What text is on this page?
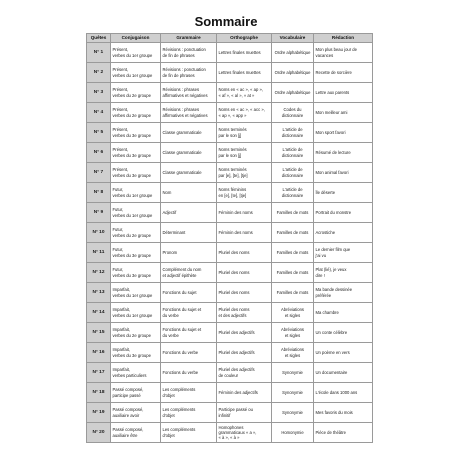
Sommaire
Quêtes	Conjugaison	Grammaire	Orthographe	Vocabulaire	Rédaction
N° 1	Présent,
verbes du 1er groupe	Révisions : ponctuation
de fin de phrases	Lettres finales muettes	Ordre alphabétique	Mon plus beau jour de
vacances

N° 2	Présent,
verbes du 1er groupe	Révisions : ponctuation
de fin de phrases	Lettres finales muettes	Ordre alphabétique	Recette de sorcière

N° 3	Présent,
verbes du 2e groupe	Révisions : phrases
affirmatives et négatives	Noms en « ac », « ap »,
« af », « al », « at »	Ordre alphabétique	Lettre aux parents

N° 4	Présent,
verbes du 2e groupe	Révisions : phrases
affirmatives et négatives	Noms en « ac », « acc »,
« ap », « app »	Codes du
dictionnaire	Mon meilleur ami

N° 5	Présent,
verbes du 3e groupe	Classe grammaticale	Noms terminés
par le son [j]	L'article de
dictionnaire	Mon sport favori

N° 6	Présent,
verbes du 3e groupe	Classe grammaticale	Noms terminés
par le son [j]	L'article de
dictionnaire	Résumé de lecture

N° 7	Présent,
verbes du 3e groupe	Classe grammaticale	Noms terminés
par [e], [te], [tje]	L'article de
dictionnaire	Mon animal favori

N° 8	Futur,
verbes du 1er groupe	Nom	Noms féminins
en [e], [te], [tje]	L'article de
dictionnaire	Île déserte

N° 9	Futur,
verbes du 1er groupe	Adjectif	Féminin des noms	Familles de mots	Portrait du monstre

N° 10	Futur,
verbes du 2e groupe	Déterminant	Féminin des noms	Familles de mots	Acrostiche

N° 11	Futur,
verbes du 3e groupe	Pronom	Pluriel des noms	Familles de mots	Le dernier film que
j'ai vu

N° 12	Futur,
verbes du 3e groupe	Complément du nom
et adjectif épithète	Pluriel des noms	Familles de mots	Plat (lié), je veux
dire !

N° 13	Imparfait,
verbes du 1er groupe	Fonctions du sujet	Pluriel des noms	Familles de mots	Ma bande dessinée
préférée

N° 14	Imparfait,
verbes du 1er groupe	Fonctions du sujet et
du verbe	Pluriel des noms
et des adjectifs	Abréviations
et sigles	Ma chambre

N° 15	Imparfait,
verbes du 2e groupe	Fonctions du sujet et
du verbe	Pluriel des adjectifs	Abréviations
et sigles	Un conte célèbre

N° 16	Imparfait,
verbes du 3e groupe	Fonctions du verbe	Pluriel des adjectifs	Abréviations
et sigles	Un poème en vers

N° 17	Imparfait,
verbes particuliers	Fonctions du verbe	Pluriel des adjectifs
de couleur	Synonymie	Un documentaire

N° 18	Passé composé,
participe passé	Les compléments
d'objet	Féminin des adjectifs	Synonymie	L'école dans 1000 ans

N° 19	Passé composé,
auxiliaire avoir	Les compléments
d'objet	Participe passé ou
infinitif	Synonymie	Mes favoris du mois

N° 20	Passé composé,
auxiliaire être	Les compléments
d'objet	Homophones
grammaticaux « a »,
« à », « à »	Homonymie	Pièce de théâtre
